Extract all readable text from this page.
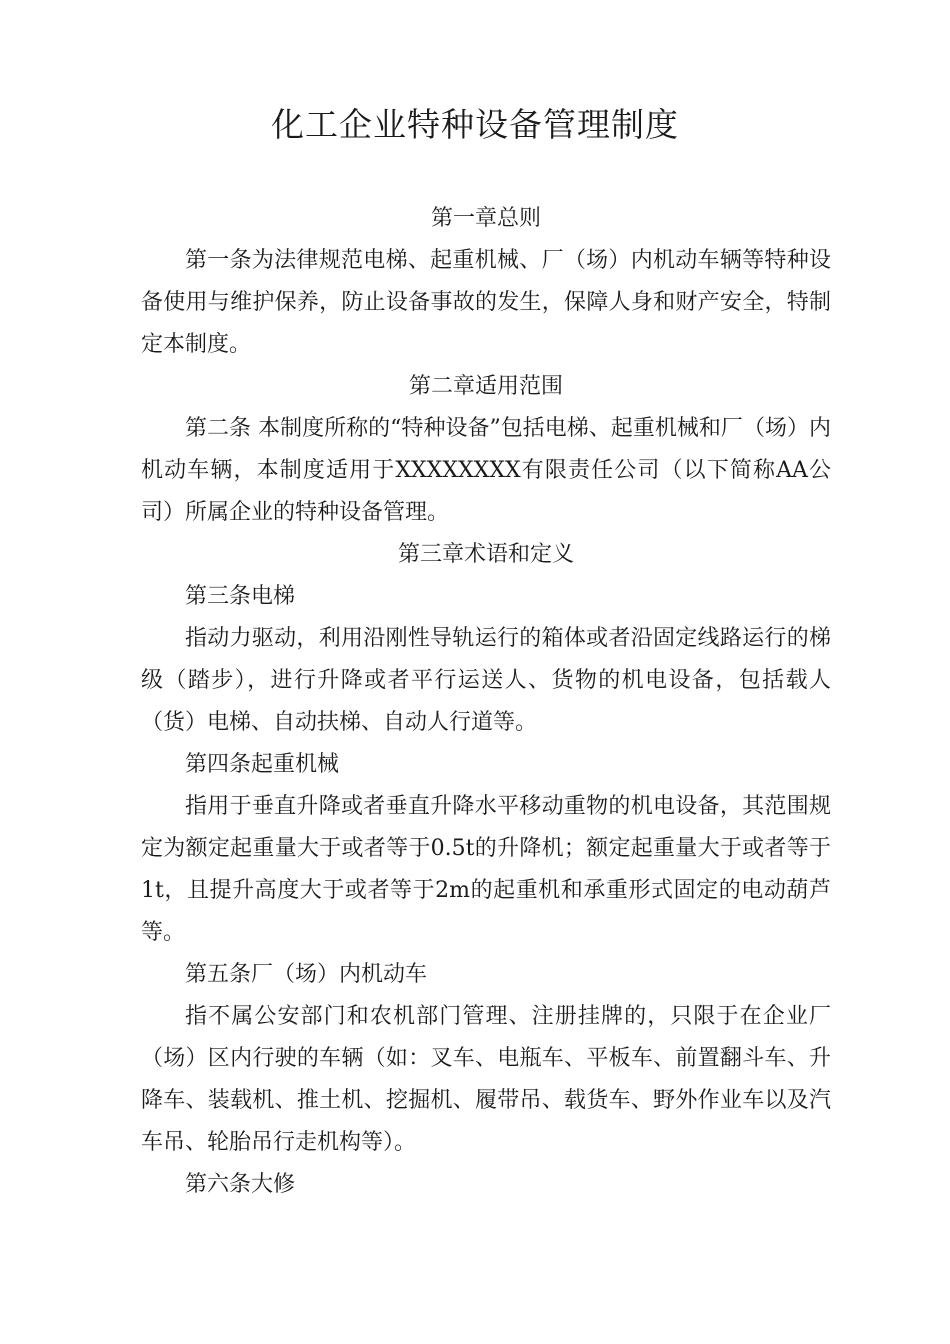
化工企业特种设备管理制度

第一章总则

第一条为法律规范电梯、起重机械、厂（场）内机动车辆等特种设备使用与维护保养，防止设备事故的发生，保障人身和财产安全，特制定本制度。

第二章适用范围

第二条 本制度所称的“特种设备”包括电梯、起重机械和厂（场）内机动车辆，本制度适用于XXXXXXXX有限责任公司（以下简称AA公司）所属企业的特种设备管理。

第三章术语和定义

第三条电梯

指动力驱动，利用沿刚性导轨运行的箱体或者沿固定线路运行的梯级（踏步），进行升降或者平行运送人、货物的机电设备，包括载人（货）电梯、自动扶梯、自动人行道等。

第四条起重机械

指用于垂直升降或者垂直升降水平移动重物的机电设备，其范围规定为额定起重量大于或者等于0.5t的升降机；额定起重量大于或者等于1t，且提升高度大于或者等于2m的起重机和承重形式固定的电动葫芦等。

第五条厂（场）内机动车

指不属公安部门和农机部门管理、注册挂牌的，只限于在企业厂（场）区内行驶的车辆（如：叉车、电瓶车、平板车、前置翻斗车、升降车、装载机、推土机、挖掘机、履带吊、载货车、野外作业车以及汽车吊、轮胎吊行走机构等）。

第六条大修
